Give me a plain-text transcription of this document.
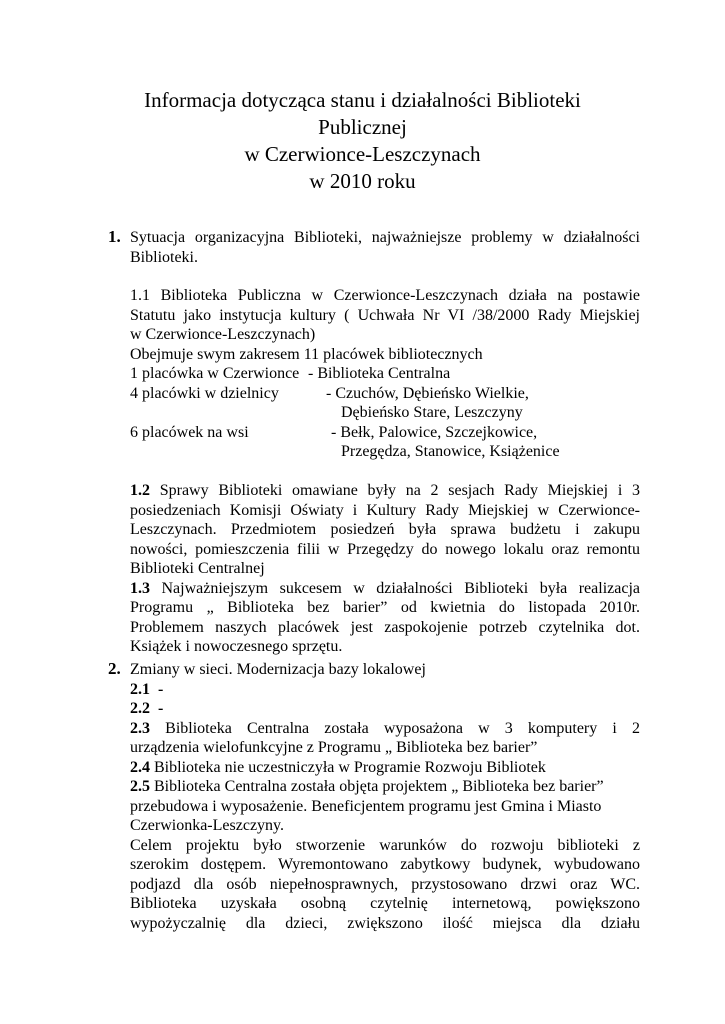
Informacja dotycząca stanu i działalności Biblioteki
Publicznej
w Czerwionce-Leszczynach
w 2010 roku
1. Sytuacja organizacyjna Biblioteki, najważniejsze problemy w działalności
Biblioteki.
1.1 Biblioteka Publiczna w Czerwionce-Leszczynach działa na postawie
Statutu jako instytucja kultury ( Uchwała Nr VI /38/2000 Rady Miejskiej
w Czerwionce-Leszczynach)
Obejmuje swym zakresem 11 placówek bibliotecznych
1 placówka w Czerwionce - Biblioteka Centralna
4 placówki w dzielnicy	- Czuchów, Dębieńsko Wielkie,
Dębieńsko Stare, Leszczyny
6 placówek na wsi	- Bełk, Palowice, Szczejkowice,
Przegędza, Stanowice, Książenice
1.2 Sprawy Biblioteki omawiane były na 2 sesjach Rady Miejskiej i 3
posiedzeniach Komisji Oświaty i Kultury Rady Miejskiej w Czerwionce-
Leszczynach. Przedmiotem posiedzeń była sprawa budżetu i zakupu
nowości, pomieszczenia filii w Przegędzy do nowego lokalu oraz remontu
Biblioteki Centralnej
1.3 Najważniejszym sukcesem w działalności Biblioteki była realizacja
Programu „ Biblioteka bez barier” od kwietnia do listopada 2010r.
Problemem naszych placówek jest zaspokojenie potrzeb czytelnika dot.
Książek i nowoczesnego sprzętu.
2. Zmiany w sieci. Modernizacja bazy lokalowej
2.1  -
2.2  -
2.3 Biblioteka Centralna została wyposażona w 3 komputery i 2
urządzenia wielofunkcyjne z Programu „ Biblioteka bez barier”
2.4 Biblioteka nie uczestniczyła w Programie Rozwoju Bibliotek
2.5 Biblioteka Centralna została objęta projektem „ Biblioteka bez barier”
przebudowa i wyposażenie. Beneficjentem programu jest Gmina i Miasto
Czerwionka-Leszczyny.
Celem projektu było stworzenie warunków do rozwoju biblioteki z
szerokim dostępem. Wyremontowano zabytkowy budynek, wybudowano
podjazd dla osób niepełnosprawnych, przystosowano drzwi oraz WC.
Biblioteka uzyskała osobną czytelnię internetową, powiększono
wypożyczalnię dla dzieci, zwiększono ilość miejsca dla działu
